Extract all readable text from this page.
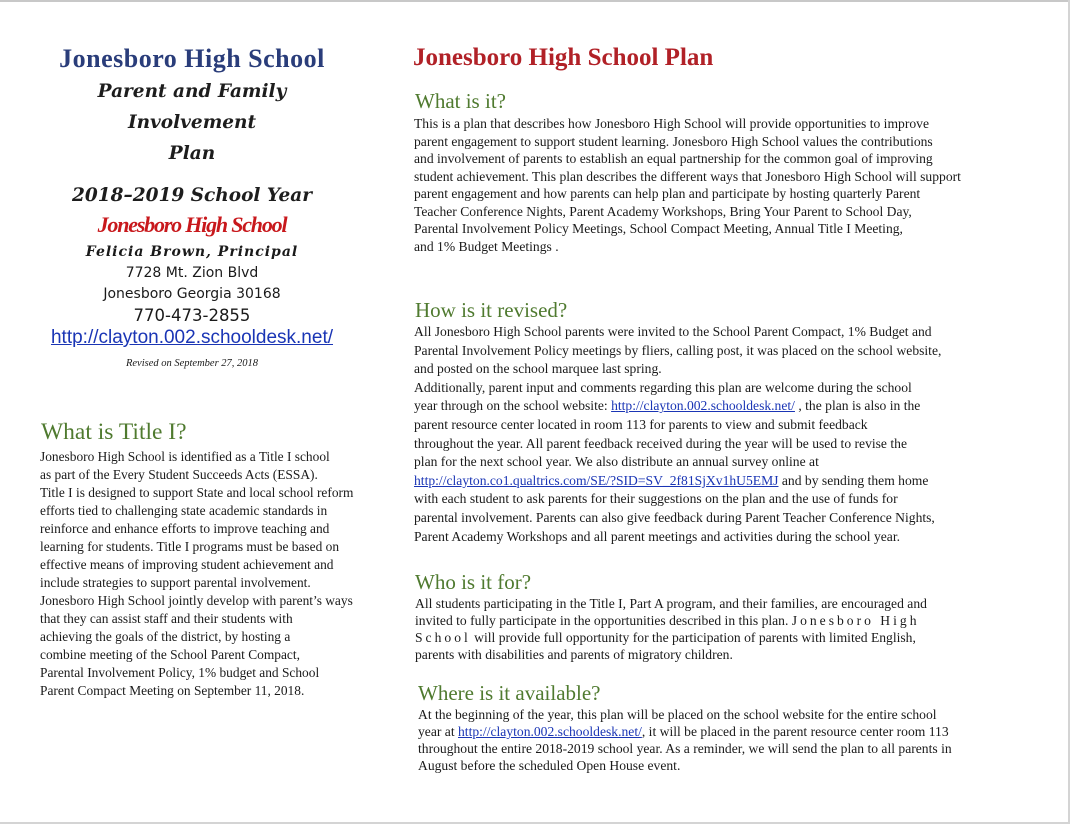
Jonesboro High School

Parent and Family Involvement
Plan

2018–2019 School Year

Jonesboro High School

Felicia Brown, Principal

7728 Mt. Zion Blvd

Jonesboro Georgia 30168

770-473-2855

http://clayton.002.schooldesk.net/

Revised on September 27, 2018

What is Title I?
Jonesboro High School is identified as a Title I school
as part of the Every Student Succeeds Acts (ESSA).
Title I is designed to support State and local school reform
efforts tied to challenging state academic standards in
reinforce and enhance efforts to improve teaching and
learning for students. Title I programs must be based on
effective means of improving student achievement and
include strategies to support parental involvement.
Jonesboro High School jointly develop with parent’s ways
that they can assist staff and their students with
achieving the goals of the district, by hosting a
combine meeting of the School Parent Compact,
Parental Involvement Policy, 1% budget and School
Parent Compact Meeting on September 11, 2018.
Jonesboro High School Plan
What is it?
This is a plan that describes how Jonesboro High School will provide opportunities to improve
parent engagement to support student learning. Jonesboro High School values the contributions
and involvement of parents to establish an equal partnership for the common goal of improving
student achievement. This plan describes the different ways that Jonesboro High School will support
parent engagement and how parents can help plan and participate by hosting quarterly Parent
Teacher Conference Nights, Parent Academy Workshops, Bring Your Parent to School Day,
Parental Involvement Policy Meetings, School Compact Meeting, Annual Title I Meeting,
and 1% Budget Meetings .
How is it revised?
All Jonesboro High School parents were invited to the School Parent Compact, 1% Budget and
Parental Involvement Policy meetings by fliers, calling post, it was placed on the school website,
and posted on the school marquee last spring.
Additionally, parent input and comments regarding this plan are welcome during the school
year through on the school website: http://clayton.002.schooldesk.net/ , the plan is also in the
parent resource center located in room 113 for parents to view and submit feedback
throughout the year. All parent feedback received during the year will be used to revise the
plan for the next school year. We also distribute an annual survey online at
http://clayton.co1.qualtrics.com/SE/?SID=SV_2f81SjXv1hU5EMJ and by sending them home
with each student to ask parents for their suggestions on the plan and the use of funds for
parental involvement. Parents can also give feedback during Parent Teacher Conference Nights,
Parent Academy Workshops and all parent meetings and activities during the school year.
Who is it for?
All students participating in the Title I, Part A program, and their families, are encouraged and
invited to fully participate in the opportunities described in this plan. Jonesboro High
School will provide full opportunity for the participation of parents with limited English,
parents with disabilities and parents of migratory children.
Where is it available?
At the beginning of the year, this plan will be placed on the school website for the entire school
year at http://clayton.002.schooldesk.net/, it will be placed in the parent resource center room 113
throughout the entire 2018-2019 school year. As a reminder, we will send the plan to all parents in
August before the scheduled Open House event.
